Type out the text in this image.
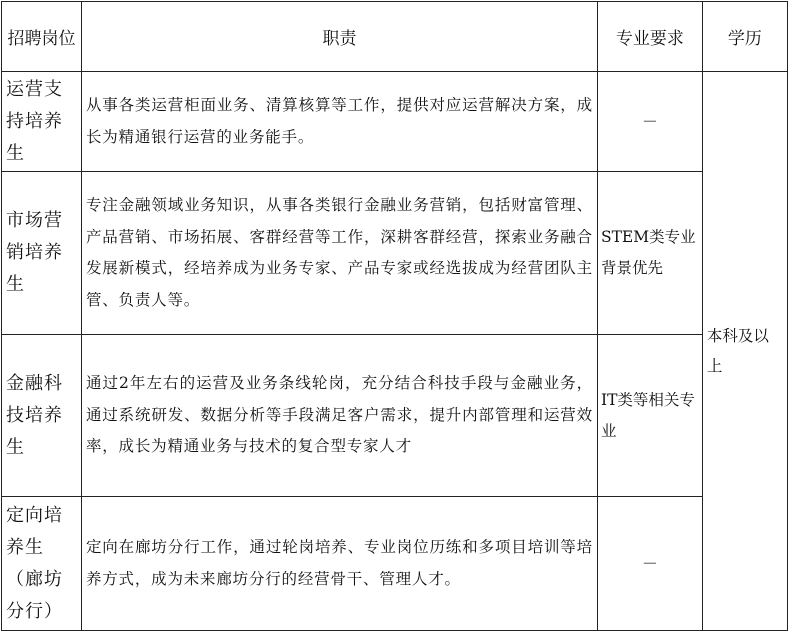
招聘岗位	职责	专业要求	学历
运营支持培养生	从事各类运营柜面业务、清算核算等工作，提供对应运营解决方案，成长为精通银行运营的业务能手。	－	本科及以上
市场营销培养生	专注金融领域业务知识，从事各类银行金融业务营销，包括财富管理、产品营销、市场拓展、客群经营等工作，深耕客群经营，探索业务融合发展新模式，经培养成为业务专家、产品专家或经选拔成为经营团队主管、负责人等。	STEM类专业背景优先	
金融科技培养生	通过2年左右的运营及业务条线轮岗，充分结合科技手段与金融业务，通过系统研发、数据分析等手段满足客户需求，提升内部管理和运营效率，成长为精通业务与技术的复合型专家人才	IT类等相关专业	
定向培养生（廊坊分行）	定向在廊坊分行工作，通过轮岗培养、专业岗位历练和多项目培训等培养方式，成为未来廊坊分行的经营骨干、管理人才。	－	
